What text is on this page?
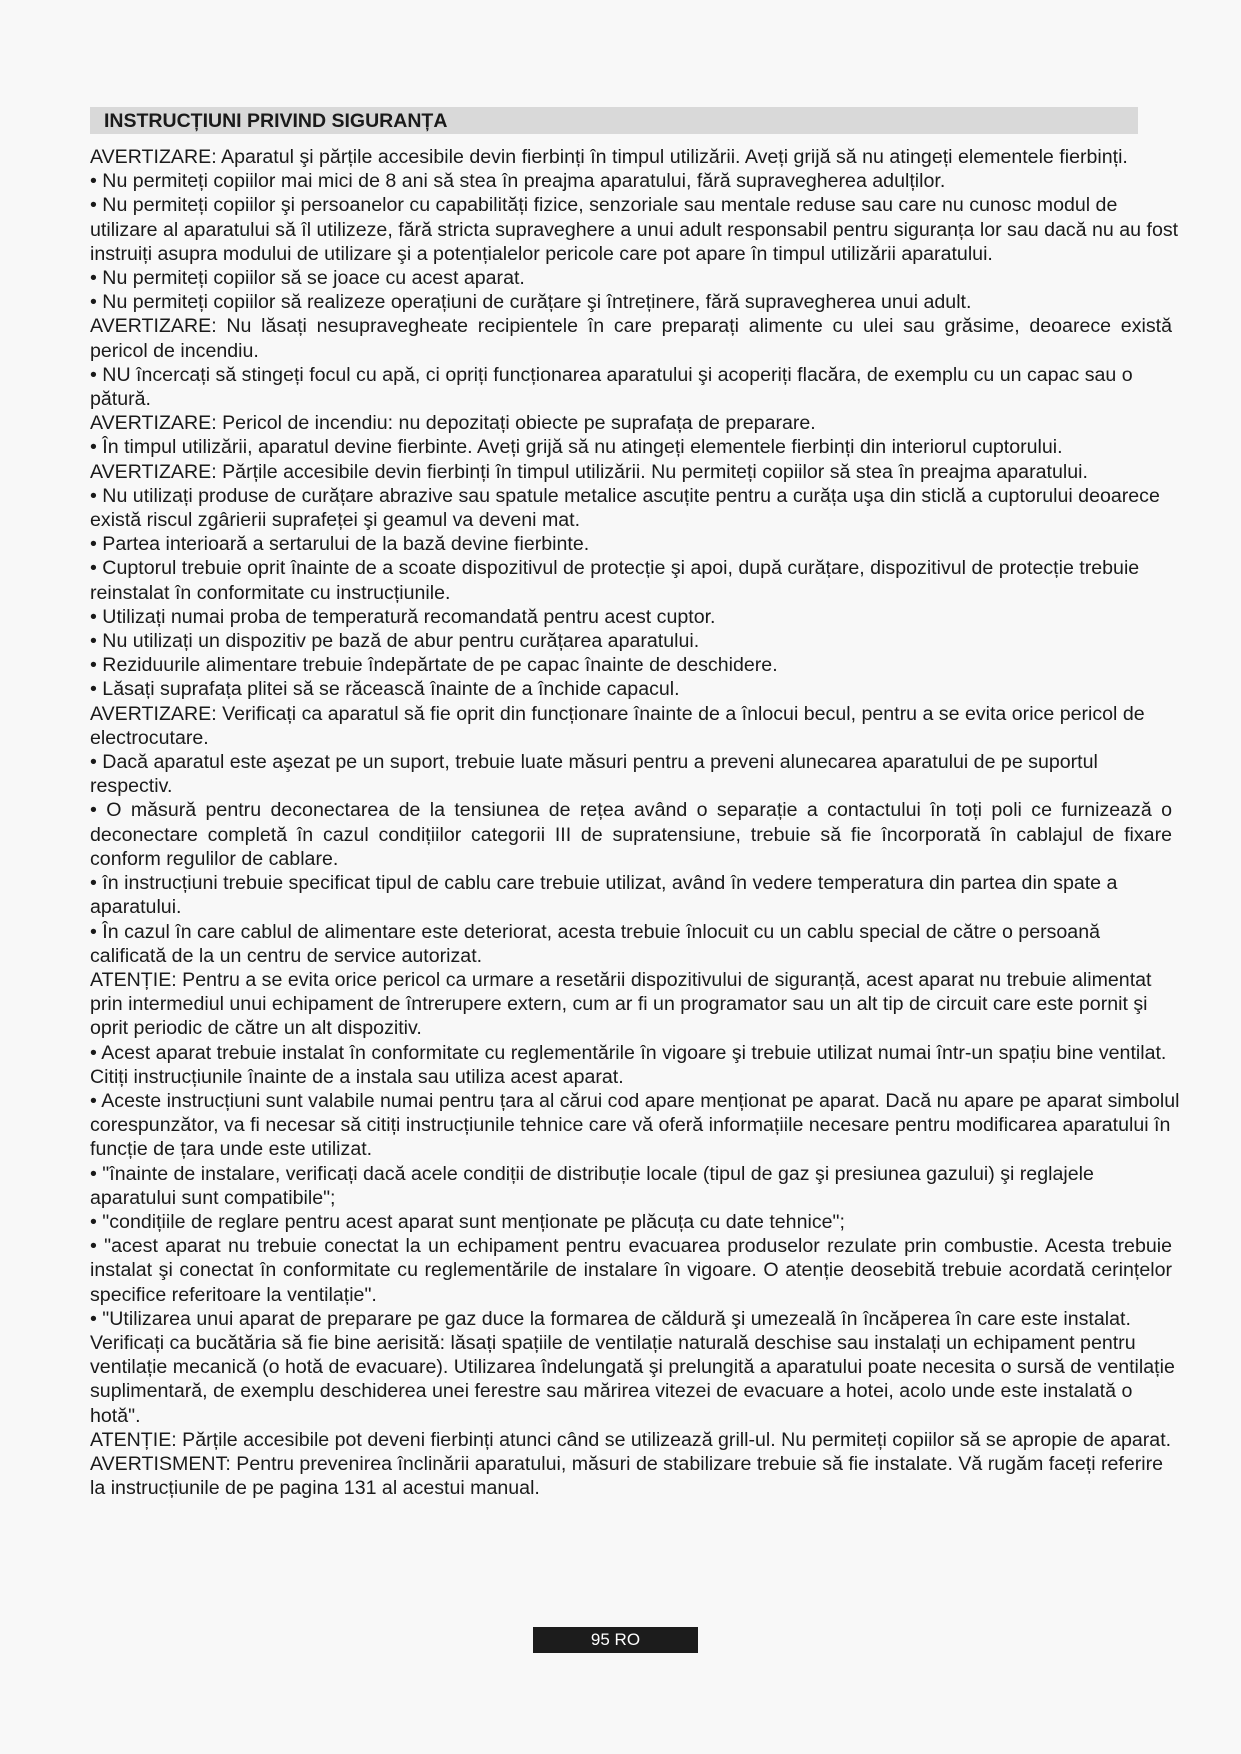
INSTRUCȚIUNI PRIVIND SIGURANȚA

AVERTIZARE: Aparatul şi părțile accesibile devin fierbinți în timpul utilizării. Aveți grijă să nu atingeți elementele fierbinți.

• Nu permiteți copiilor mai mici de 8 ani să stea în preajma aparatului, fără supravegherea adulților.

• Nu permiteți copiilor şi persoanelor cu capabilități fizice, senzoriale sau mentale reduse sau care nu cunosc modul de utilizare al aparatului să îl utilizeze, fără stricta supraveghere a unui adult responsabil pentru siguranța lor sau dacă nu au fost instruiți asupra modului de utilizare şi a potențialelor pericole care pot apare în timpul utilizării aparatului.

• Nu permiteți copiilor să se joace cu acest aparat.

• Nu permiteți copiilor să realizeze operațiuni de curățare şi întreținere, fără supravegherea unui adult.

AVERTIZARE: Nu lăsați nesupravegheate recipientele în care preparați alimente cu ulei sau grăsime, deoarece există pericol de incendiu.

• NU încercați să stingeți focul cu apă, ci opriți funcționarea aparatului şi acoperiți flacăra, de exemplu cu un capac sau o pătură.

AVERTIZARE: Pericol de incendiu: nu depozitați obiecte pe suprafața de preparare.

• În timpul utilizării, aparatul devine fierbinte. Aveți grijă să nu atingeți elementele fierbinți din interiorul cuptorului.

AVERTIZARE: Părțile accesibile devin fierbinți în timpul utilizării. Nu permiteți copiilor să stea în preajma aparatului.

• Nu utilizați produse de curățare abrazive sau spatule metalice ascuțite pentru a curăța uşa din sticlă a cuptorului deoarece există riscul zgârierii suprafeței şi geamul va deveni mat.

• Partea interioară a sertarului de la bază devine fierbinte.

• Cuptorul trebuie oprit înainte de a scoate dispozitivul de protecție şi apoi, după curățare, dispozitivul de protecție trebuie reinstalat în conformitate cu instrucțiunile.

• Utilizați numai proba de temperatură recomandată pentru acest cuptor.

• Nu utilizați un dispozitiv pe bază de abur pentru curățarea aparatului.

• Reziduurile alimentare trebuie îndepărtate de pe capac înainte de deschidere.

• Lăsați suprafața plitei să se răcească înainte de a închide capacul.

AVERTIZARE: Verificați ca aparatul să fie oprit din funcționare înainte de a înlocui becul, pentru a se evita orice pericol de electrocutare.

• Dacă aparatul este aşezat pe un suport, trebuie luate măsuri pentru a preveni alunecarea aparatului de pe suportul respectiv.

• O măsură pentru deconectarea de la tensiunea de rețea având o separație a contactului în toți poli ce furnizează o deconectare completă în cazul condițiilor categorii III de supratensiune, trebuie să fie încorporată în cablajul de fixare conform regulilor de cablare.

• în instrucțiuni trebuie specificat tipul de cablu care trebuie utilizat, având în vedere temperatura din partea din spate a aparatului.

• În cazul în care cablul de alimentare este deteriorat, acesta trebuie înlocuit cu un cablu special de către o persoană calificată de la un centru de service autorizat.

ATENȚIE: Pentru a se evita orice pericol ca urmare a resetării dispozitivului de siguranță, acest aparat nu trebuie alimentat prin intermediul unui echipament de întrerupere extern, cum ar fi un programator sau un alt tip de circuit care este pornit şi oprit periodic de către un alt dispozitiv.

• Acest aparat trebuie instalat în conformitate cu reglementările în vigoare şi trebuie utilizat numai într-un spațiu bine ventilat. Citiți instrucțiunile înainte de a instala sau utiliza acest aparat.

• Aceste instrucțiuni sunt valabile numai pentru țara al cărui cod apare menționat pe aparat. Dacă nu apare pe aparat simbolul corespunzător, va fi necesar să citiți instrucțiunile tehnice care vă oferă informațiile necesare pentru modificarea aparatului în funcție de țara unde este utilizat.

• "înainte de instalare, verificați dacă acele condiții de distribuție locale (tipul de gaz şi presiunea gazului) şi reglajele aparatului sunt compatibile";

• "condițiile de reglare pentru acest aparat sunt menționate pe plăcuța cu date tehnice";

• "acest aparat nu trebuie conectat la un echipament pentru evacuarea produselor rezulate prin combustie. Acesta trebuie instalat şi conectat în conformitate cu reglementările de instalare în vigoare. O atenție deosebită trebuie acordată cerințelor specifice referitoare la ventilație".

• "Utilizarea unui aparat de preparare pe gaz duce la formarea de căldură şi umezeală în încăperea în care este instalat. Verificați ca bucătăria să fie bine aerisită: lăsați spațiile de ventilație naturală deschise sau instalați un echipament pentru ventilație mecanică (o hotă de evacuare). Utilizarea îndelungată şi prelungită a aparatului poate necesita o sursă de ventilație suplimentară, de exemplu deschiderea unei ferestre sau mărirea vitezei de evacuare a hotei, acolo unde este instalată o hotă".

ATENȚIE: Părțile accesibile pot deveni fierbinți atunci când se utilizează grill-ul. Nu permiteți copiilor să se apropie de aparat.

AVERTISMENT: Pentru prevenirea înclinării aparatului, măsuri de stabilizare trebuie să fie instalate. Vă rugăm faceți referire la instrucțiunile de pe pagina 131 al acestui manual.

95 RO
